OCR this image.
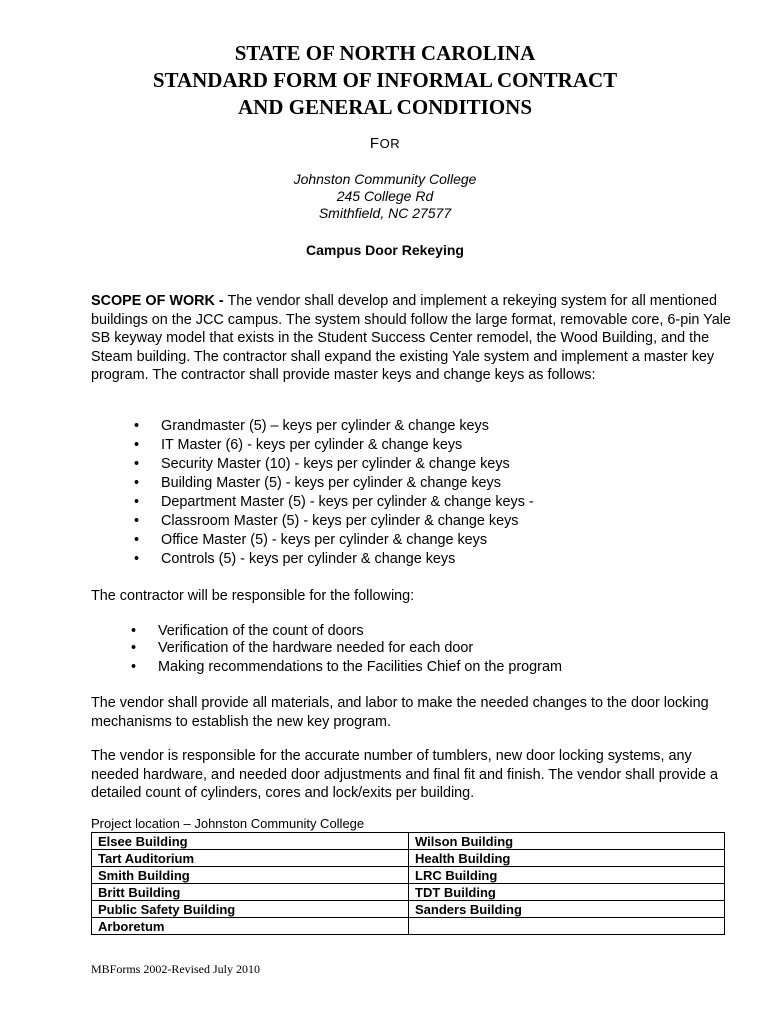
STATE OF NORTH CAROLINA
STANDARD FORM OF INFORMAL CONTRACT
AND GENERAL CONDITIONS
FOR
Johnston Community College
245 College Rd
Smithfield, NC 27577
Campus Door Rekeying
SCOPE OF WORK - The vendor shall develop and implement a rekeying system for all mentioned buildings on the JCC campus. The system should follow the large format, removable core, 6-pin Yale SB keyway model that exists in the Student Success Center remodel, the Wood Building, and the Steam building. The contractor shall expand the existing Yale system and implement a master key program. The contractor shall provide master keys and change keys as follows:
• Grandmaster (5) – keys per cylinder & change keys
• IT Master (6) - keys per cylinder & change keys
• Security Master (10) - keys per cylinder & change keys
• Building Master (5) - keys per cylinder & change keys
• Department Master (5) - keys per cylinder & change keys -
• Classroom Master (5) - keys per cylinder & change keys
• Office Master (5) - keys per cylinder & change keys
• Controls (5) - keys per cylinder & change keys
The contractor will be responsible for the following:
• Verification of the count of doors
• Verification of the hardware needed for each door
• Making recommendations to the Facilities Chief on the program
The vendor shall provide all materials, and labor to make the needed changes to the door locking mechanisms to establish the new key program.
The vendor is responsible for the accurate number of tumblers, new door locking systems, any needed hardware, and needed door adjustments and final fit and finish. The vendor shall provide a detailed count of cylinders, cores and lock/exits per building.
Project location – Johnston Community College
Elsee Building	Wilson Building
Tart Auditorium	Health Building
Smith Building	LRC Building
Britt Building	TDT Building
Public Safety Building	Sanders Building
Arboretum	
MBForms 2002-Revised July 2010
